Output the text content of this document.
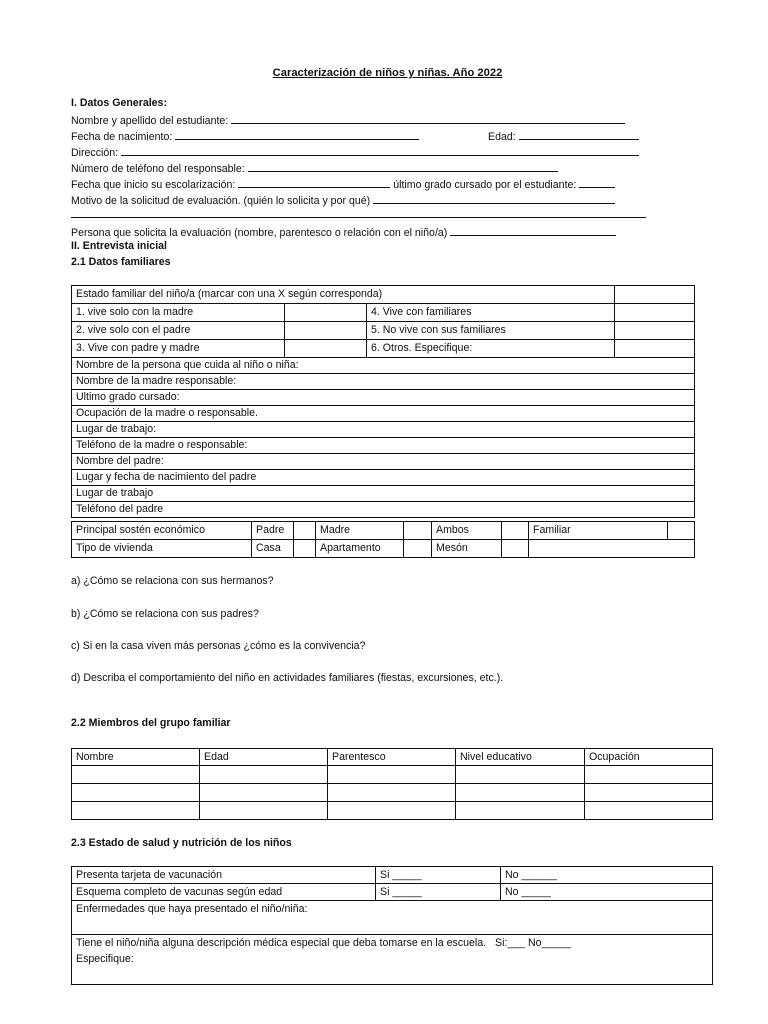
Caracterización de niños y niñas. Año 2022
I. Datos Generales:
Nombre y apellido del estudiante:
Fecha de nacimiento:	Edad:
Dirección:
Número de teléfono del responsable:
Fecha que inicio su escolarización:	último grado cursado por el estudiante:
Motivo de la solicitud de evaluación. (quién lo solicita y por qué)
Persona que solicita la evaluación (nombre, parentesco o relación con el niño/a)
II. Entrevista inicial
2.1 Datos familiares
Estado familiar del niño/a (marcar con una X según corresponda)			
1. vive solo con la madre		4. Vive con familiares	
2. vive solo con el padre		5. No vive con sus familiares	
3. Vive con padre y madre		6. Otros. Especifique:	
Nombre de la persona que cuida al niño o niña:			
Nombre de la madre responsable:			
Ultimo grado cursado:			
Ocupación de la madre o responsable.			
Lugar de trabajo:			
Teléfono de la madre o responsable:			
Nombre del padre:			
Lugar y fecha de nacimiento del padre			
Lugar de trabajo			
Teléfono del padre			
Principal sostén económico	Padre		Madre		Ambos		Familiar	
Tipo de vivienda	Casa		Apartamento		Mesón			
a) ¿Cómo se relaciona con sus hermanos?
b) ¿Cómo se relaciona con sus padres?
c) Si en la casa viven más personas ¿cómo es la convivencia?
d) Describa el comportamiento del niño en actividades familiares (fiestas, excursiones, etc.).
2.2 Miembros del grupo familiar
Nombre	Edad	Parentesco	Nivel educativo	Ocupación

2.3 Estado de salud y nutrición de los niños
Presenta tarjeta de vacunación	Si _____	No ______
Esquema completo de vacunas según edad	Si _____	No _____
Enfermedades que haya presentado el niño/niña:		
Tiene el niño/niña alguna descripción médica especial que deba tomarse en la escuela. Si:___ No_____
Especifique:		
